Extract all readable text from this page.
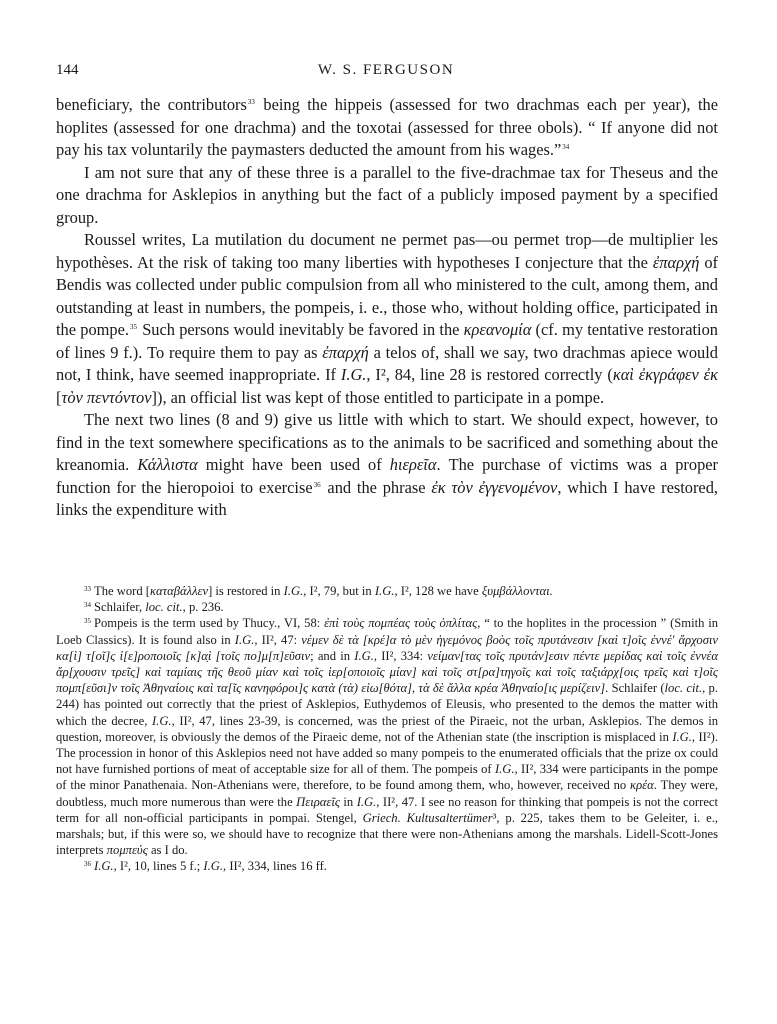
144	W. S. FERGUSON

beneficiary, the contributors$^{33}$ being the hippeis (assessed for two drachmas each per year), the hoplites (assessed for one drachma) and the toxotai (assessed for three obols). “ If anyone did not pay his tax voluntarily the paymasters deducted the amount from his wages.”$^{34}$

I am not sure that any of these three is a parallel to the five-drachmae tax for Theseus and the one drachma for Asklepios in anything but the fact of a publicly imposed payment by a specified group.

Roussel writes, La mutilation du document ne permet pas—ou permet trop—de multiplier les hypothèses. At the risk of taking too many liberties with hypotheses I conjecture that the ἐπαρχή of Bendis was collected under public compulsion from all who ministered to the cult, among them, and outstanding at least in numbers, the pompeis, i. e., those who, without holding office, participated in the pompe.$^{35}$ Such persons would inevitably be favored in the κρεανομία (cf. my tentative restoration of lines 9 f.). To require them to pay as ἐπαρχή a telos of, shall we say, two drachmas apiece would not, I think, have seemed inappropriate. If I.G., I², 84, line 28 is restored correctly (καὶ ἐκγράφεν ἐκ [τὸν πεντόντον]), an official list was kept of those entitled to participate in a pompe.

The next two lines (8 and 9) give us little with which to start. We should expect, however, to find in the text somewhere specifications as to the animals to be sacrificed and something about the kreanomia. Κάλλιστα might have been used of hιερεῖα. The purchase of victims was a proper function for the hieropoioi to exercise$^{36}$ and the phrase ἐκ τὸν ἐγγενομένον, which I have restored, links the expenditure with

$^{33}$ The word [καταβάλλεν] is restored in I.G., I², 79, but in I.G., I², 128 we have ξυμβάλλονται.

$^{34}$ Schlaifer, loc. cit., p. 236.

$^{35}$ Pompeis is the term used by Thucy., VI, 58: ἐπὶ τοὺς πομπέας τοὺς ὁπλίτας, “ to the hoplites in the procession ” (Smith in Loeb Classics). It is found also in I.G., II², 47: νέμεν δὲ τὰ [κρέ]α τὸ μὲν ἡγεμόνος βοὸς τοῖς πρυτάνεσιν [καὶ τ]οῖς ἐννέ' ἄρχοσιν κα[ὶ] τ[οῖ]ς ἱ[ε]ροποιοῖς [κ]α̣ὶ [τοῖς πο]μ[π]εῦσιν; and in I.G., II², 334: νείμαν[τας τοῖς πρυτάν]εσιν πέντε μερίδας καὶ τοῖς ἐννέα ἄρ[χουσιν τρεῖς] καὶ ταμίαις τῆς θεοῦ μίαν καὶ τοῖς ἱερ[οποιοῖς μίαν] καὶ τοῖς στ[ρα]τηγοῖς καὶ τοῖς ταξιάρχ[οις τρεῖς καὶ τ]οῖς πομπ[εῦσι]ν τοῖς Ἀθηναίοις καὶ τα[ῖς κανηφόροι]ς κατὰ (τὰ) εἰω[θότα], τὰ δὲ ἄλλα κρέα Ἀθηναίο[ις μερίζειν]. Schlaifer (loc. cit., p. 244) has pointed out correctly that the priest of Asklepios, Euthydemos of Eleusis, who presented to the demos the matter with which the decree, I.G., II², 47, lines 23-39, is concerned, was the priest of the Piraeic, not the urban, Asklepios. The demos in question, moreover, is obviously the demos of the Piraeic deme, not of the Athenian state (the inscription is misplaced in I.G., II²). The procession in honor of this Asklepios need not have added so many pompeis to the enumerated officials that the prize ox could not have furnished portions of meat of acceptable size for all of them. The pompeis of I.G., II², 334 were participants in the pompe of the minor Panathenaia. Non-Athenians were, therefore, to be found among them, who, however, received no κρέα. They were, doubtless, much more numerous than were the Πειραεῖς in I.G., II², 47. I see no reason for thinking that pompeis is not the correct term for all non-official participants in pompai. Stengel, Griech. Kultusaltertümer³, p. 225, takes them to be Geleiter, i. e., marshals; but, if this were so, we should have to recognize that there were non-Athenians among the marshals. Lidell-Scott-Jones interprets πομπεύς as I do.

$^{36}$ I.G., I², 10, lines 5 f.; I.G., II², 334, lines 16 ff.
